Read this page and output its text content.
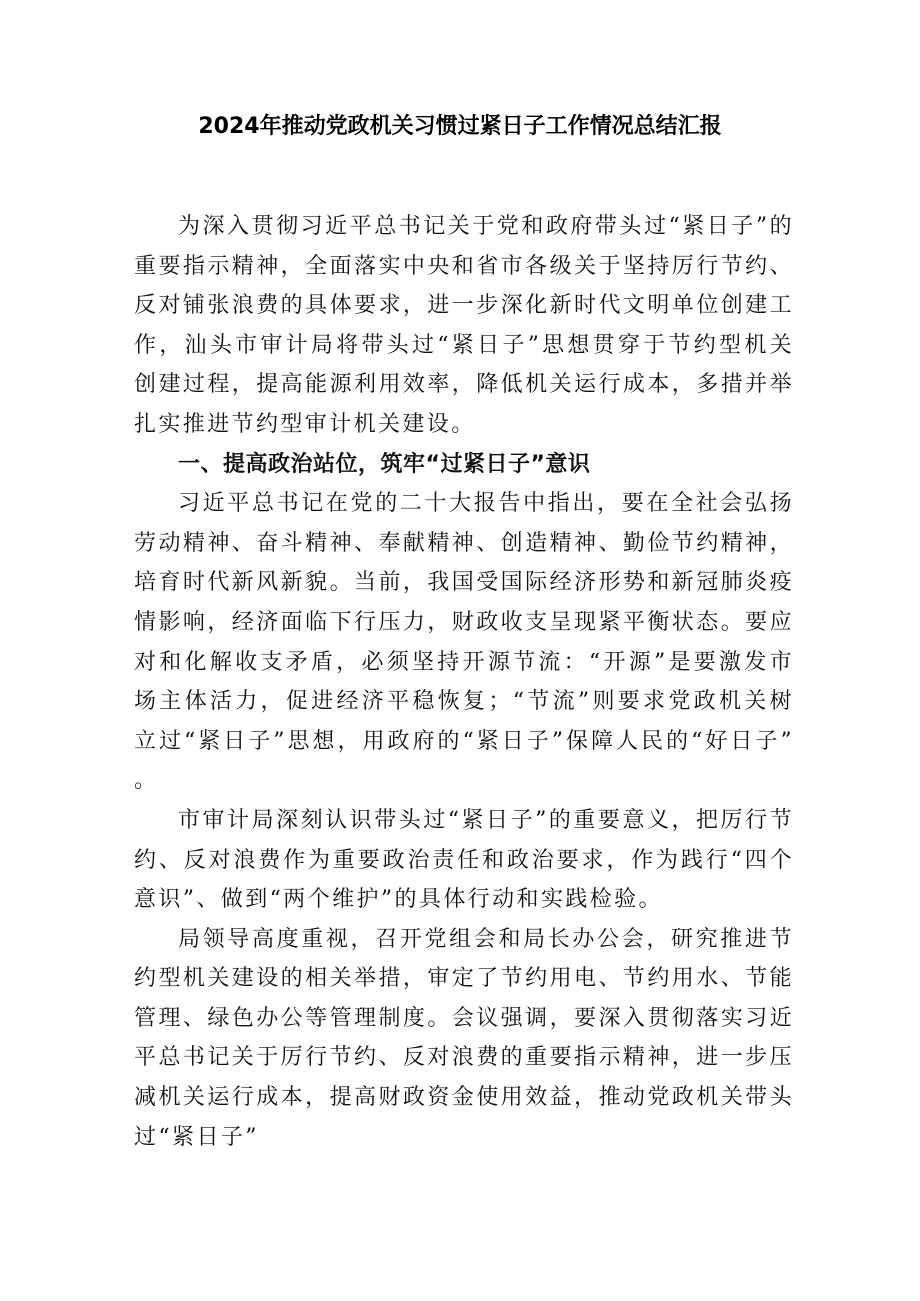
2024年推动党政机关习惯过紧日子工作情况总结汇报

为深入贯彻习近平总书记关于党和政府带头过“紧日子”的重要指示精神，全面落实中央和省市各级关于坚持厉行节约、反对铺张浪费的具体要求，进一步深化新时代文明单位创建工作，汕头市审计局将带头过“紧日子”思想贯穿于节约型机关创建过程，提高能源利用效率，降低机关运行成本，多措并举扎实推进节约型审计机关建设。

一、提高政治站位，筑牢“过紧日子”意识

习近平总书记在党的二十大报告中指出，要在全社会弘扬劳动精神、奋斗精神、奉献精神、创造精神、勤俭节约精神，培育时代新风新貌。当前，我国受国际经济形势和新冠肺炎疫情影响，经济面临下行压力，财政收支呈现紧平衡状态。要应对和化解收支矛盾，必须坚持开源节流：“开源”是要激发市场主体活力，促进经济平稳恢复；“节流”则要求党政机关树立过“紧日子”思想，用政府的“紧日子”保障人民的“好日子”。

市审计局深刻认识带头过“紧日子”的重要意义，把厉行节约、反对浪费作为重要政治责任和政治要求，作为践行“四个意识”、做到“两个维护”的具体行动和实践检验。

局领导高度重视，召开党组会和局长办公会，研究推进节约型机关建设的相关举措，审定了节约用电、节约用水、节能管理、绿色办公等管理制度。会议强调，要深入贯彻落实习近平总书记关于厉行节约、反对浪费的重要指示精神，进一步压减机关运行成本，提高财政资金使用效益，推动党政机关带头过“紧日子”
